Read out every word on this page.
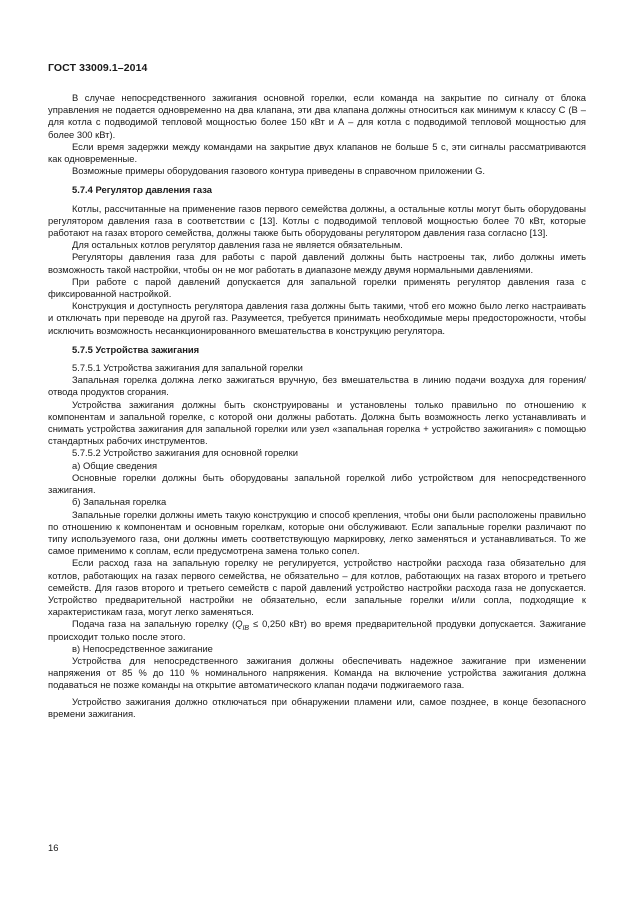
ГОСТ 33009.1–2014

В случае непосредственного зажигания основной горелки, если команда на закрытие по сигналу от блока управления не подается одновременно на два клапана, эти два клапана должны относиться как минимум к классу С (В – для котла с подводимой тепловой мощностью более 150 кВт и А – для котла с подводимой тепловой мощностью для более 300 кВт).

Если время задержки между командами на закрытие двух клапанов не больше 5 с, эти сигналы рассматриваются как одновременные.

Возможные примеры оборудования газового контура приведены в справочном приложении G.

5.7.4 Регулятор давления газа

Котлы, рассчитанные на применение газов первого семейства должны, а остальные котлы могут быть оборудованы регулятором давления газа в соответствии с [13]. Котлы с подводимой тепловой мощностью более 70 кВт, которые работают на газах второго семейства, должны также быть оборудованы регулятором давления газа согласно [13].

Для остальных котлов регулятор давления газа не является обязательным.

Регуляторы давления газа для работы с парой давлений должны быть настроены так, либо должны иметь возможность такой настройки, чтобы он не мог работать в диапазоне между двумя нормальными давлениями.

При работе с парой давлений допускается для запальной горелки применять регулятор давления газа с фиксированной настройкой.

Конструкция и доступность регулятора давления газа должны быть такими, чтоб его можно было легко настраивать и отключать при переводе на другой газ. Разумеется, требуется принимать необходимые меры предосторожности, чтобы исключить возможность несанкционированного вмешательства в конструкцию регулятора.

5.7.5 Устройства зажигания

5.7.5.1 Устройства зажигания для запальной горелки

Запальная горелка должна легко зажигаться вручную, без вмешательства в линию подачи воздуха для горения/отвода продуктов сгорания.

Устройства зажигания должны быть сконструированы и установлены только правильно по отношению к компонентам и запальной горелке, с которой они должны работать. Должна быть возможность легко устанавливать и снимать устройства зажигания для запальной горелки или узел «запальная горелка + устройство зажигания» с помощью стандартных рабочих инструментов.

5.7.5.2 Устройство зажигания для основной горелки

а) Общие сведения

Основные горелки должны быть оборудованы запальной горелкой либо устройством для непосредственного зажигания.

б) Запальная горелка

Запальные горелки должны иметь такую конструкцию и способ крепления, чтобы они были расположены правильно по отношению к компонентам и основным горелкам, которые они обслуживают. Если запальные горелки различают по типу используемого газа, они должны иметь соответствующую маркировку, легко заменяться и устанавливаться. То же самое применимо к соплам, если предусмотрена замена только сопел.

Если расход газа на запальную горелку не регулируется, устройство настройки расхода газа обязательно для котлов, работающих на газах первого семейства, не обязательно – для котлов, работающих на газах второго и третьего семейств. Для газов второго и третьего семейств с парой давлений устройство настройки расхода газа не допускается. Устройство предварительной настройки не обязательно, если запальные горелки и/или сопла, подходящие к характеристикам газа, могут легко заменяться.

Подача газа на запальную горелку ($Q_{IB} \le 0,250$ кВт) во время предварительной продувки допускается. Зажигание происходит только после этого.

в) Непосредственное зажигание

Устройства для непосредственного зажигания должны обеспечивать надежное зажигание при изменении напряжения от 85 % до 110 % номинального напряжения. Команда на включение устройства зажигания должна подаваться не позже команды на открытие автоматического клапан подачи поджигаемого газа.

Устройство зажигания должно отключаться при обнаружении пламени или, самое позднее, в конце безопасного времени зажигания.

16
